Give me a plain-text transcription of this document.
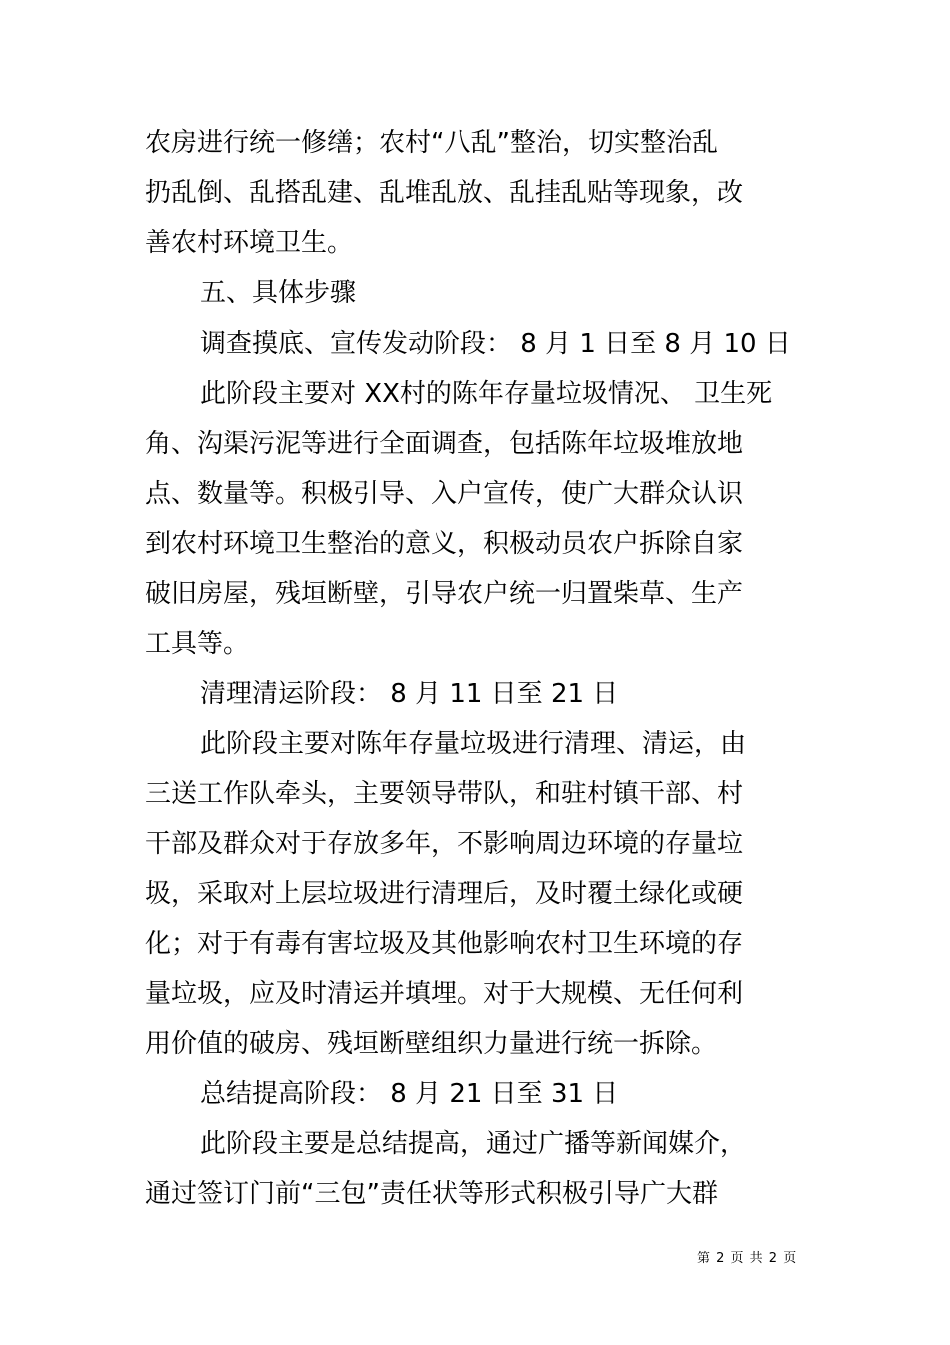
农房进行统一修缮；农村“八乱”整治，切实整治乱
扔乱倒、乱搭乱建、乱堆乱放、乱挂乱贴等现象，改
善农村环境卫生。
五、具体步骤
调查摸底、宣传发动阶段： 8 月 1 日至 8 月 10 日
此阶段主要对 XX村的陈年存量垃圾情况、 卫生死
角、沟渠污泥等进行全面调查，包括陈年垃圾堆放地
点、数量等。积极引导、入户宣传，使广大群众认识
到农村环境卫生整治的意义，积极动员农户拆除自家
破旧房屋，残垣断壁，引导农户统一归置柴草、生产
工具等。
清理清运阶段： 8 月 11 日至 21 日
此阶段主要对陈年存量垃圾进行清理、清运，由
三送工作队牵头，主要领导带队，和驻村镇干部、村
干部及群众对于存放多年，不影响周边环境的存量垃
圾，采取对上层垃圾进行清理后，及时覆土绿化或硬
化；对于有毒有害垃圾及其他影响农村卫生环境的存
量垃圾，应及时清运并填埋。对于大规模、无任何利
用价值的破房、残垣断壁组织力量进行统一拆除。
总结提高阶段： 8 月 21 日至 31 日
此阶段主要是总结提高，通过广播等新闻媒介，
通过签订门前“三包”责任状等形式积极引导广大群
第 2 页 共 2 页
